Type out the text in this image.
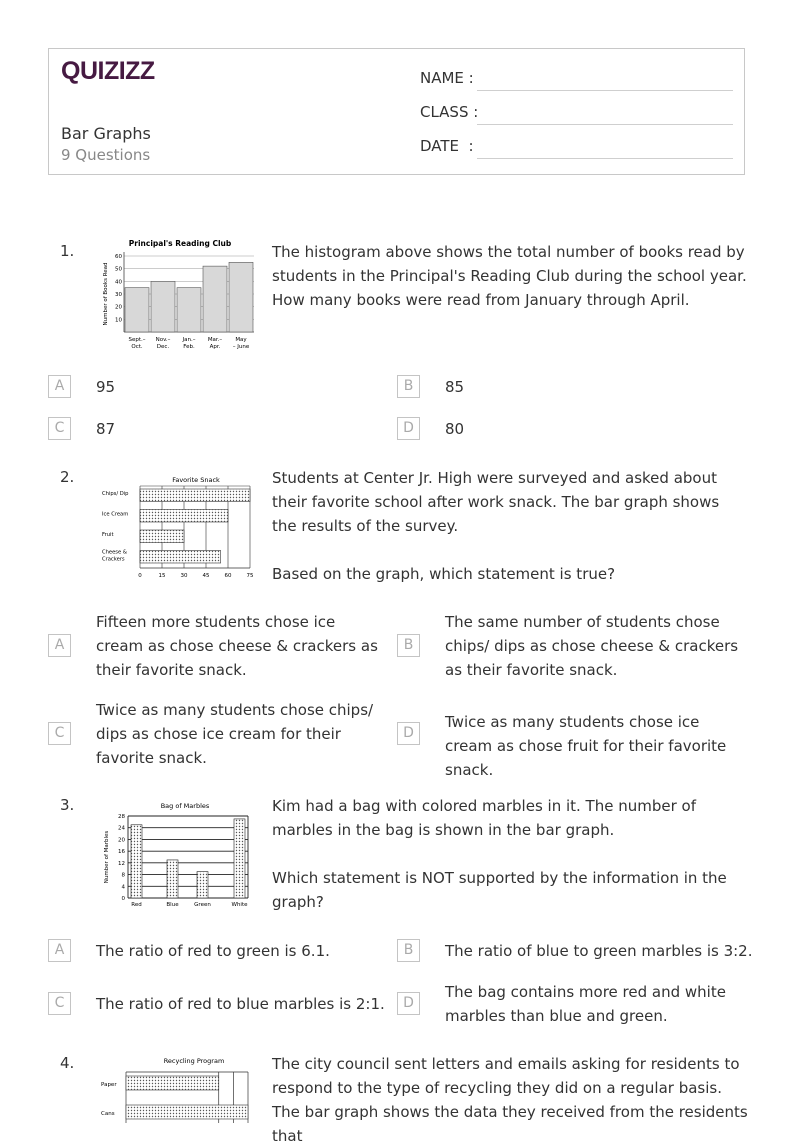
QUIZIZZ
Bar Graphs
9 Questions
NAME :
CLASS :
DATE  :
1.	Principal's Reading Club
Number of Books Read 10
20
30
40
50
60
Sept.–
Oct.
Nov.–
Dec.
Jan.–
Feb.
Mar.–
Apr.
May
– June

The histogram above shows the total number of books read by students in the Principal's Reading Club during the school year. How many books were read from January through April.

A	95	B	85
C	87	D	80
2.	Favorite Snack
0	15	30	45	60	75
Chips/ Dip
Ice Cream
Fruit
Cheese &
Crackers

Students at Center Jr. High were surveyed and asked about their favorite school after work snack. The bar graph shows the results of the survey.

Based on the graph, which statement is true?

A
Fifteen more students chose ice cream as chose cheese & crackers as their favorite snack.
B
The same number of students chose chips/ dips as chose cheese & crackers as their favorite snack.
C
Twice as many students chose chips/ dips as chose ice cream for their favorite snack.
D
Twice as many students chose ice cream as chose fruit for their favorite snack.
3.	Bag of Marbles
Number of Marbles
0
4
8
12
16
20
24
28
Red	Blue	Green	White

Kim had a bag with colored marbles in it. The number of marbles in the bag is shown in the bar graph.

Which statement is NOT supported by the information in the graph?

A	The ratio of red to green is 6.1.	B	The ratio of blue to green marbles is 3:2.
C	The ratio of red to blue marbles is 2:1.	D
The bag contains more red and white marbles than blue and green.
4.	Recycling Program
Paper
Cans

The city council sent letters and emails asking for residents to respond to the type of recycling they did on a regular basis. The bar graph shows the data they received from the residents that
